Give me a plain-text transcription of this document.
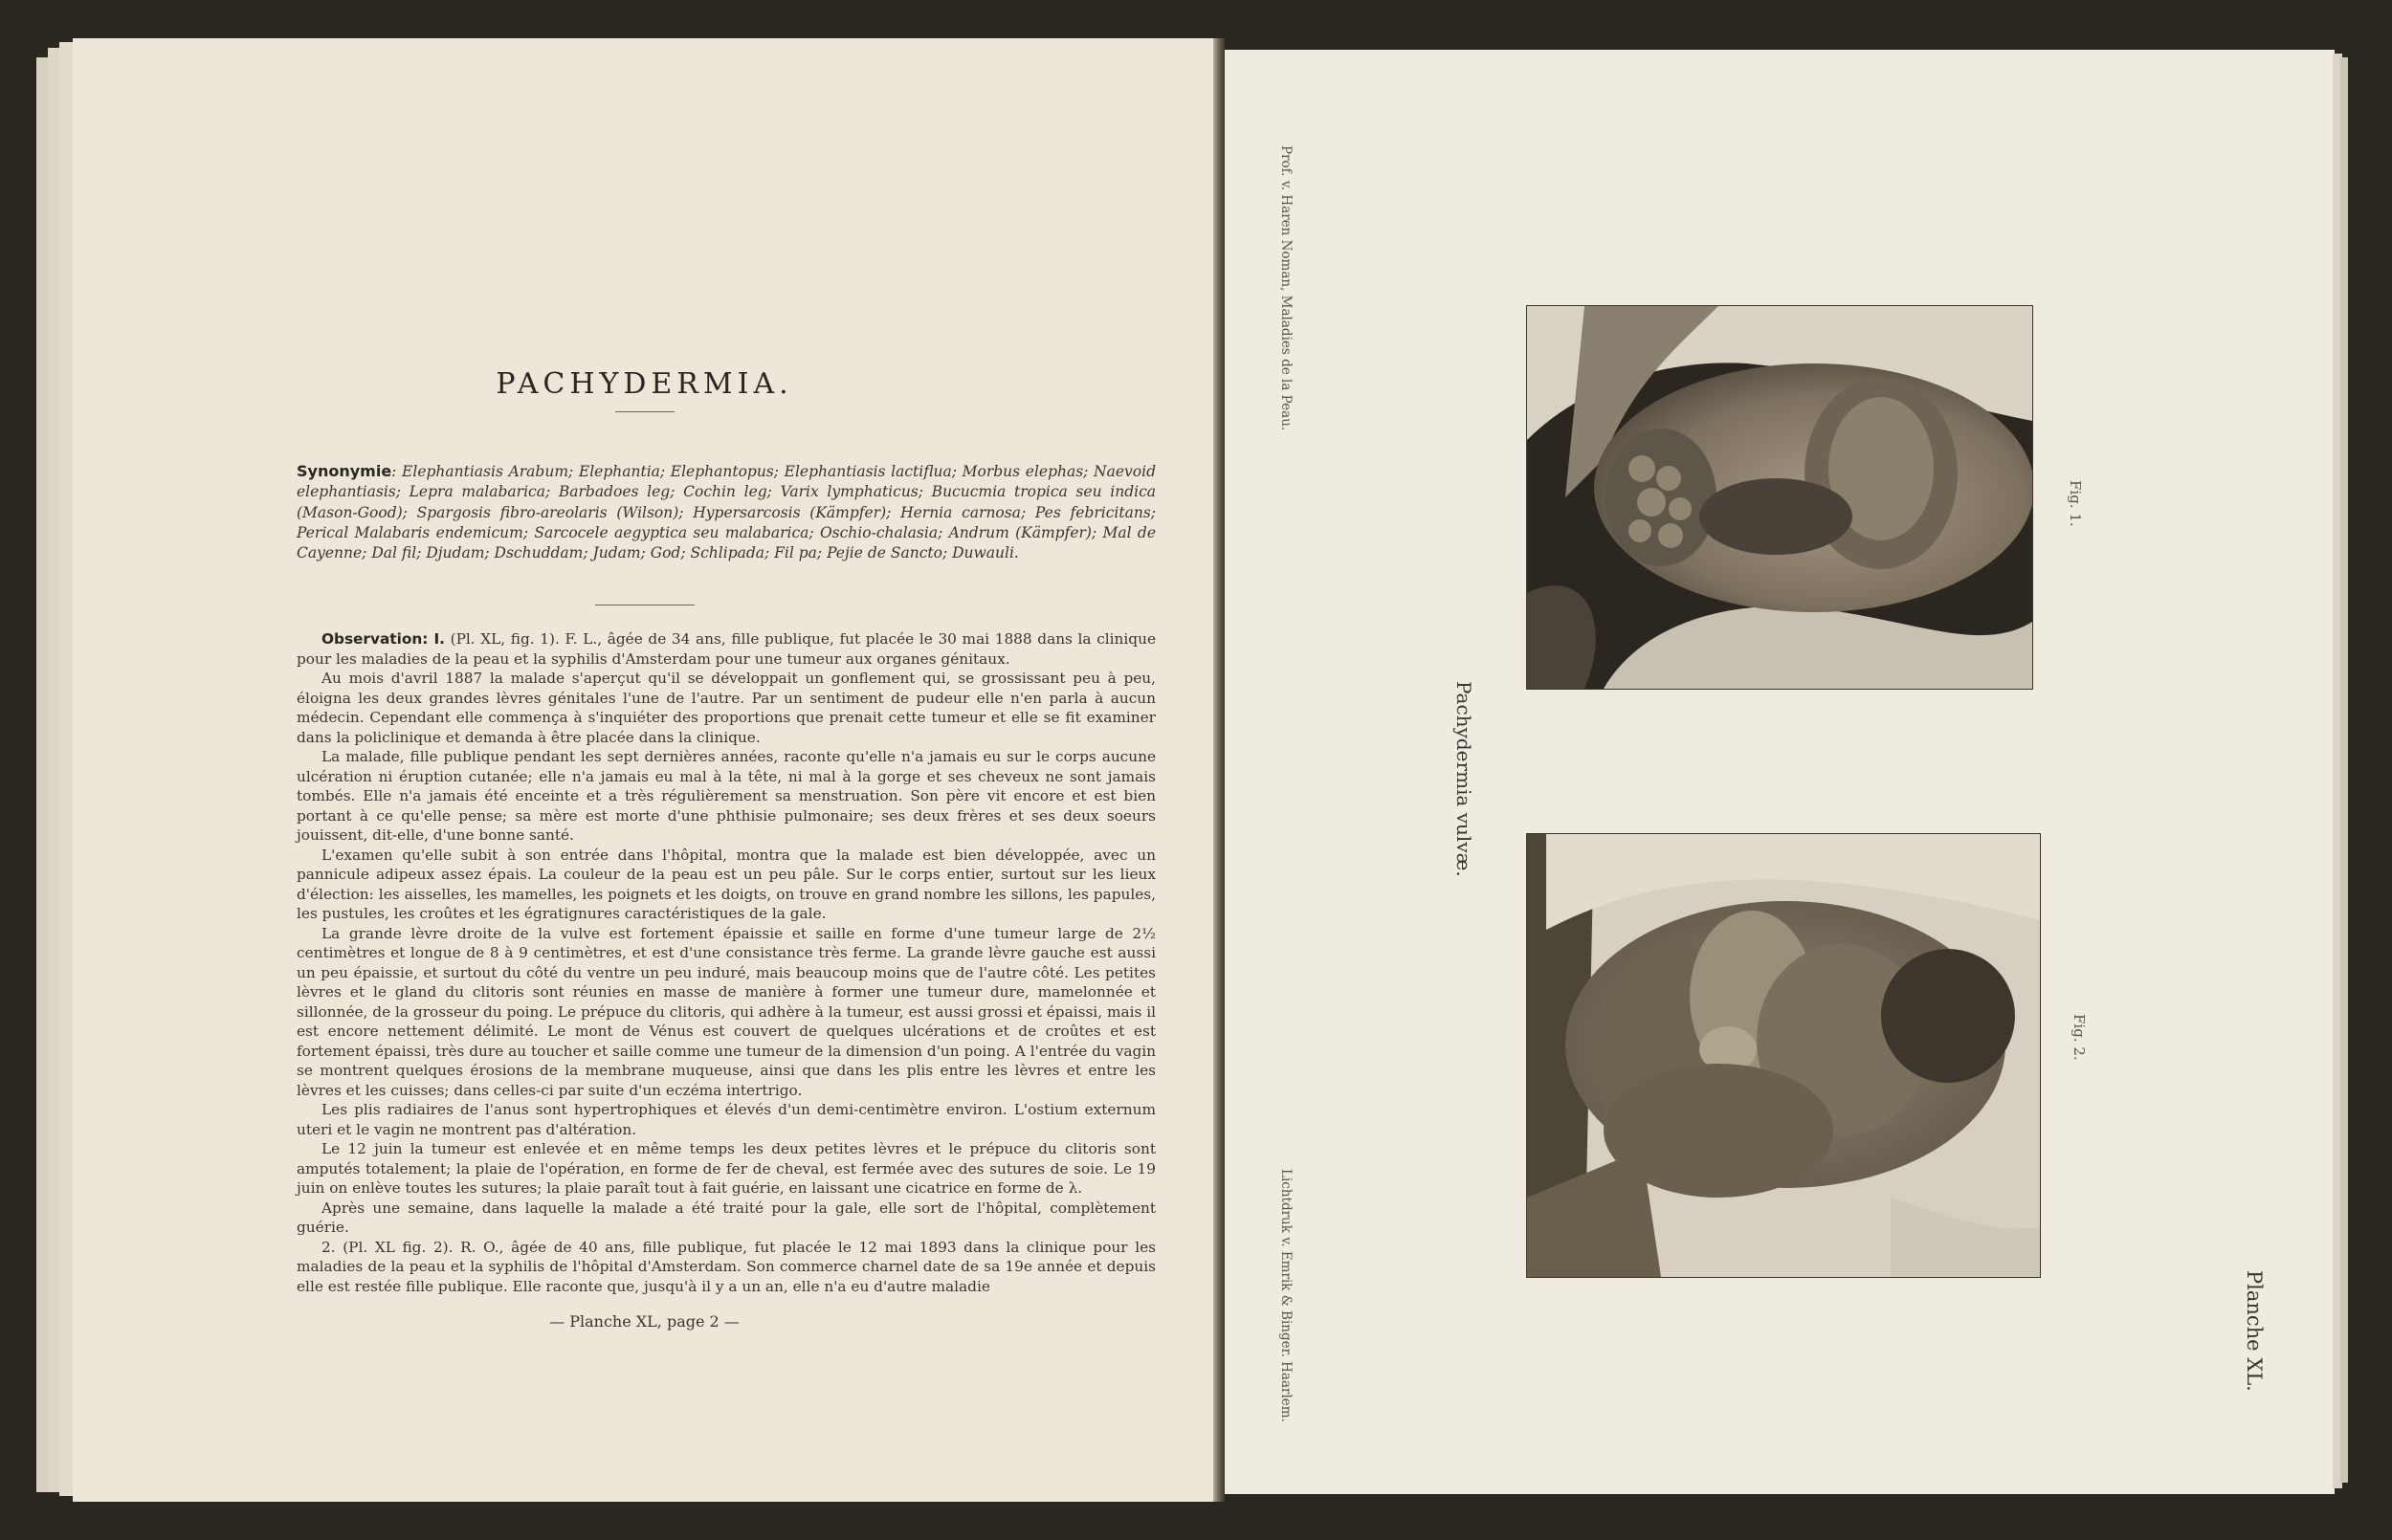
PACHYDERMIA.
Synonymie: Elephantiasis Arabum; Elephantia; Elephantopus; Elephantiasis lactiflua; Morbus elephas; Naevoid elephantiasis; Lepra malabarica; Barbadoes leg; Cochin leg; Varix lymphaticus; Bucucmia tropica seu indica (Mason-Good); Spargosis fibro-areolaris (Wilson); Hypersarcosis (Kämpfer); Hernia carnosa; Pes febricitans; Perical Malabaris endemicum; Sarcocele aegyptica seu malabarica; Oschio-chalasia; Andrum (Kämpfer); Mal de Cayenne; Dal fil; Djudam; Dschuddam; Judam; God; Schlipada; Fil pa; Pejie de Sancto; Duwauli.

Observation: I. (Pl. XL, fig. 1). F. L., âgée de 34 ans, fille publique, fut placée le 30 mai 1888 dans la clinique pour les maladies de la peau et la syphilis d'Amsterdam pour une tumeur aux organes génitaux.

Au mois d'avril 1887 la malade s'aperçut qu'il se développait un gonflement qui, se grossissant peu à peu, éloigna les deux grandes lèvres génitales l'une de l'autre. Par un sentiment de pudeur elle n'en parla à aucun médecin. Cependant elle commença à s'inquiéter des proportions que prenait cette tumeur et elle se fit examiner dans la policlinique et demanda à être placée dans la clinique.

La malade, fille publique pendant les sept dernières années, raconte qu'elle n'a jamais eu sur le corps aucune ulcération ni éruption cutanée; elle n'a jamais eu mal à la tête, ni mal à la gorge et ses cheveux ne sont jamais tombés. Elle n'a jamais été enceinte et a très régulièrement sa menstruation. Son père vit encore et est bien portant à ce qu'elle pense; sa mère est morte d'une phthisie pulmonaire; ses deux frères et ses deux soeurs jouissent, dit-elle, d'une bonne santé.

L'examen qu'elle subit à son entrée dans l'hôpital, montra que la malade est bien développée, avec un pannicule adipeux assez épais. La couleur de la peau est un peu pâle. Sur le corps entier, surtout sur les lieux d'élection: les aisselles, les mamelles, les poignets et les doigts, on trouve en grand nombre les sillons, les papules, les pustules, les croûtes et les égratignures caractéristiques de la gale.

La grande lèvre droite de la vulve est fortement épaissie et saille en forme d'une tumeur large de 2½ centimètres et longue de 8 à 9 centimètres, et est d'une consistance très ferme. La grande lèvre gauche est aussi un peu épaissie, et surtout du côté du ventre un peu induré, mais beaucoup moins que de l'autre côté. Les petites lèvres et le gland du clitoris sont réunies en masse de manière à former une tumeur dure, mamelonnée et sillonnée, de la grosseur du poing. Le prépuce du clitoris, qui adhère à la tumeur, est aussi grossi et épaissi, mais il est encore nettement délimité. Le mont de Vénus est couvert de quelques ulcérations et de croûtes et est fortement épaissi, très dure au toucher et saille comme une tumeur de la dimension d'un poing. A l'entrée du vagin se montrent quelques érosions de la membrane muqueuse, ainsi que dans les plis entre les lèvres et entre les lèvres et les cuisses; dans celles-ci par suite d'un eczéma intertrigo.

Les plis radiaires de l'anus sont hypertrophiques et élevés d'un demi-centimètre environ. L'ostium externum uteri et le vagin ne montrent pas d'altération.

Le 12 juin la tumeur est enlevée et en même temps les deux petites lèvres et le prépuce du clitoris sont amputés totalement; la plaie de l'opération, en forme de fer de cheval, est fermée avec des sutures de soie. Le 19 juin on enlève toutes les sutures; la plaie paraît tout à fait guérie, en laissant une cicatrice en forme de λ.

Après une semaine, dans laquelle la malade a été traité pour la gale, elle sort de l'hôpital, complètement guérie.

2. (Pl. XL fig. 2). R. O., âgée de 40 ans, fille publique, fut placée le 12 mai 1893 dans la clinique pour les maladies de la peau et la syphilis de l'hôpital d'Amsterdam. Son commerce charnel date de sa 19e année et depuis elle est restée fille publique. Elle raconte que, jusqu'à il y a un an, elle n'a eu d'autre maladie

— Planche XL, page 2 —
Prof. v. Haren Noman, Maladies de la Peau.
Fig. 1.
Pachydermia vulvæ.
Fig. 2.
Lichtdruk v. Emrik & Binger. Haarlem.	Planche XL.
